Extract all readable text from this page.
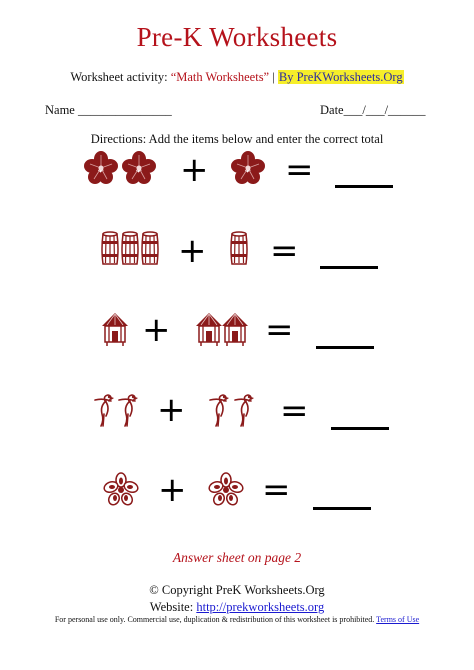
Pre-K Worksheets
Worksheet activity: “Math Worksheets” | By PreKWorksheets.Org
Name _______________	Date___/___/______
Directions: Add the items below and enter the correct total
+ =
+ =
+	=
+	=
+ =
Answer sheet on page 2
© Copyright PreK Worksheets.Org
Website: http://prekworksheets.org
For personal use only. Commercial use, duplication & redistribution of this worksheet is prohibited. Terms of Use
